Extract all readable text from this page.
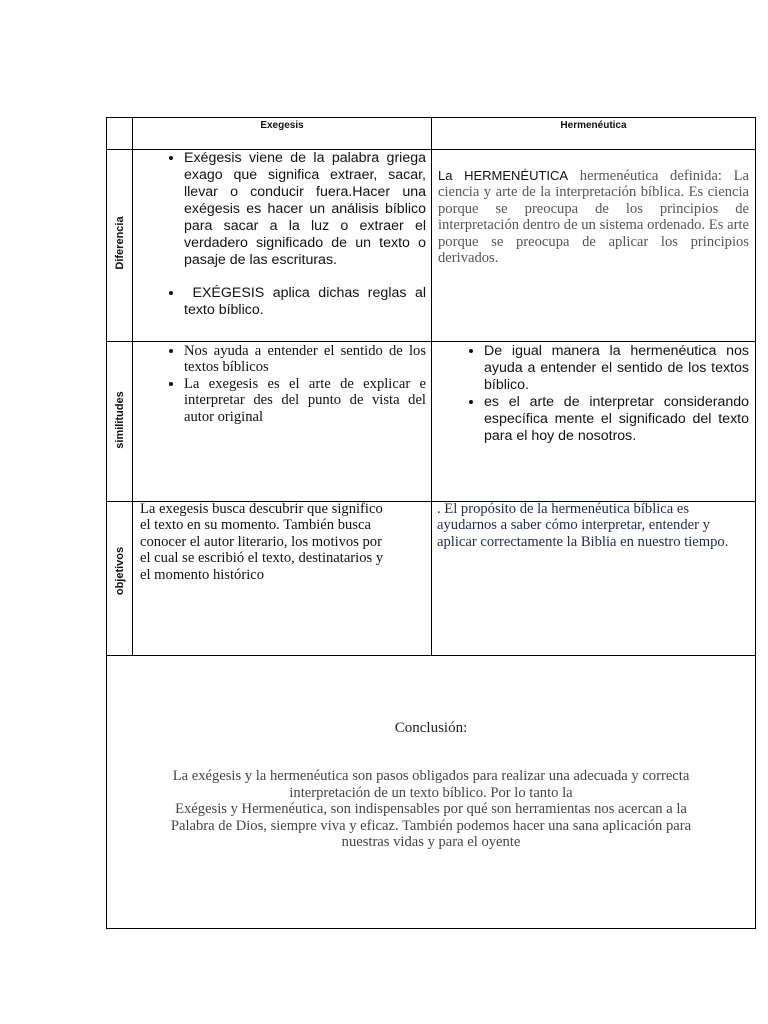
Exegesis	Hermenéutica
Diferencia
similitudes
objetivos
• Exégesis viene de la palabra griega exago que significa extraer, sacar, llevar o conducir fuera.Hacer una exégesis es hacer un análisis bíblico para sacar a la luz o extraer el verdadero significado de un texto o pasaje de las escrituras.
• EXÉGESIS aplica dichas reglas al texto bíblico.
La HERMENÉUTICA hermenéutica definida: La ciencia y arte de la interpretación bíblica. Es ciencia porque se preocupa de los principios de interpretación dentro de un sistema ordenado. Es arte porque se preocupa de aplicar los principios derivados.
• Nos ayuda a entender el sentido de los textos bíblicos
• La exegesis es el arte de explicar e interpretar des del punto de vista del autor original
• De igual manera la hermenéutica nos ayuda a entender el sentido de los textos bíblico.
• es el arte de interpretar considerando específica mente el significado del texto para el hoy de nosotros.
La exegesis busca descubrir que significo el texto en su momento. También busca conocer el autor literario, los motivos por el cual se escribió el texto, destinatarios y el momento histórico
. El propósito de la hermenéutica bíblica es ayudarnos a saber cómo interpretar, entender y aplicar correctamente la Biblia en nuestro tiempo.
Conclusión:
La exégesis y la hermenéutica son pasos obligados para realizar una adecuada y correcta
interpretación de un texto bíblico. Por lo tanto la
Exégesis y Hermenéutica, son indispensables por qué son herramientas nos acercan a la
Palabra de Dios, siempre viva y eficaz. También podemos hacer una sana aplicación para
nuestras vidas y para el oyente
